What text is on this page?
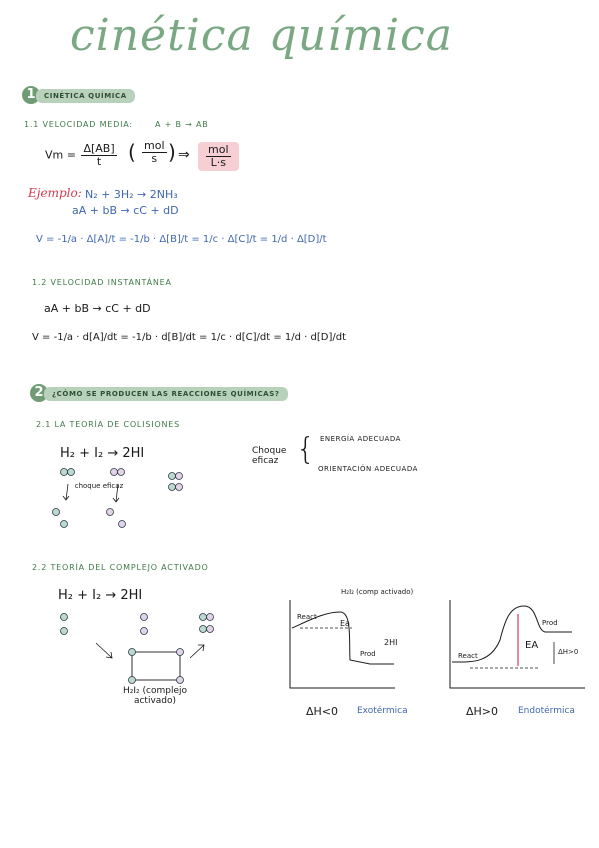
cinética química
1	CINÉTICA QUÍMICA
1.1 VELOCIDAD MEDIA:	A + B → AB
$Vm = \frac{\Delta[AB]}{t}$ ( $\frac{\text{mol}}{s}$ ) ⇒ $\frac{\text{mol}}{L\cdot s}$
Ejemplo: N₂ + 3H₂ → 2NH₃
aA + bB → cC + dD
V = -1/a · Δ[A]/t = -1/b · Δ[B]/t = 1/c · Δ[C]/t = 1/d · Δ[D]/t
1.2 VELOCIDAD INSTANTÁNEA
aA + bB → cC + dD
V = -1/a · d[A]/dt = -1/b · d[B]/dt = 1/c · d[C]/dt = 1/d · d[D]/dt
2	¿CÓMO SE PRODUCEN LAS REACCIONES QUÍMICAS?
2.1 LA TEORÍA DE COLISIONES
H₂ + I₂ → 2HI
choque eficaz
Choque eficaz { ENERGÍA ADECUADA
ORIENTACIÓN ADECUADA
2.2 TEORÍA DEL COMPLEJO ACTIVADO
H₂ + I₂ → 2HI
H₂I₂ (complejo activado)
React
H₂I₂ (comp activado)
Ea
Prod
2HI
ΔH<0 Exotérmica
React
Prod
EA
ΔH>0
ΔH>0 Endotérmica
